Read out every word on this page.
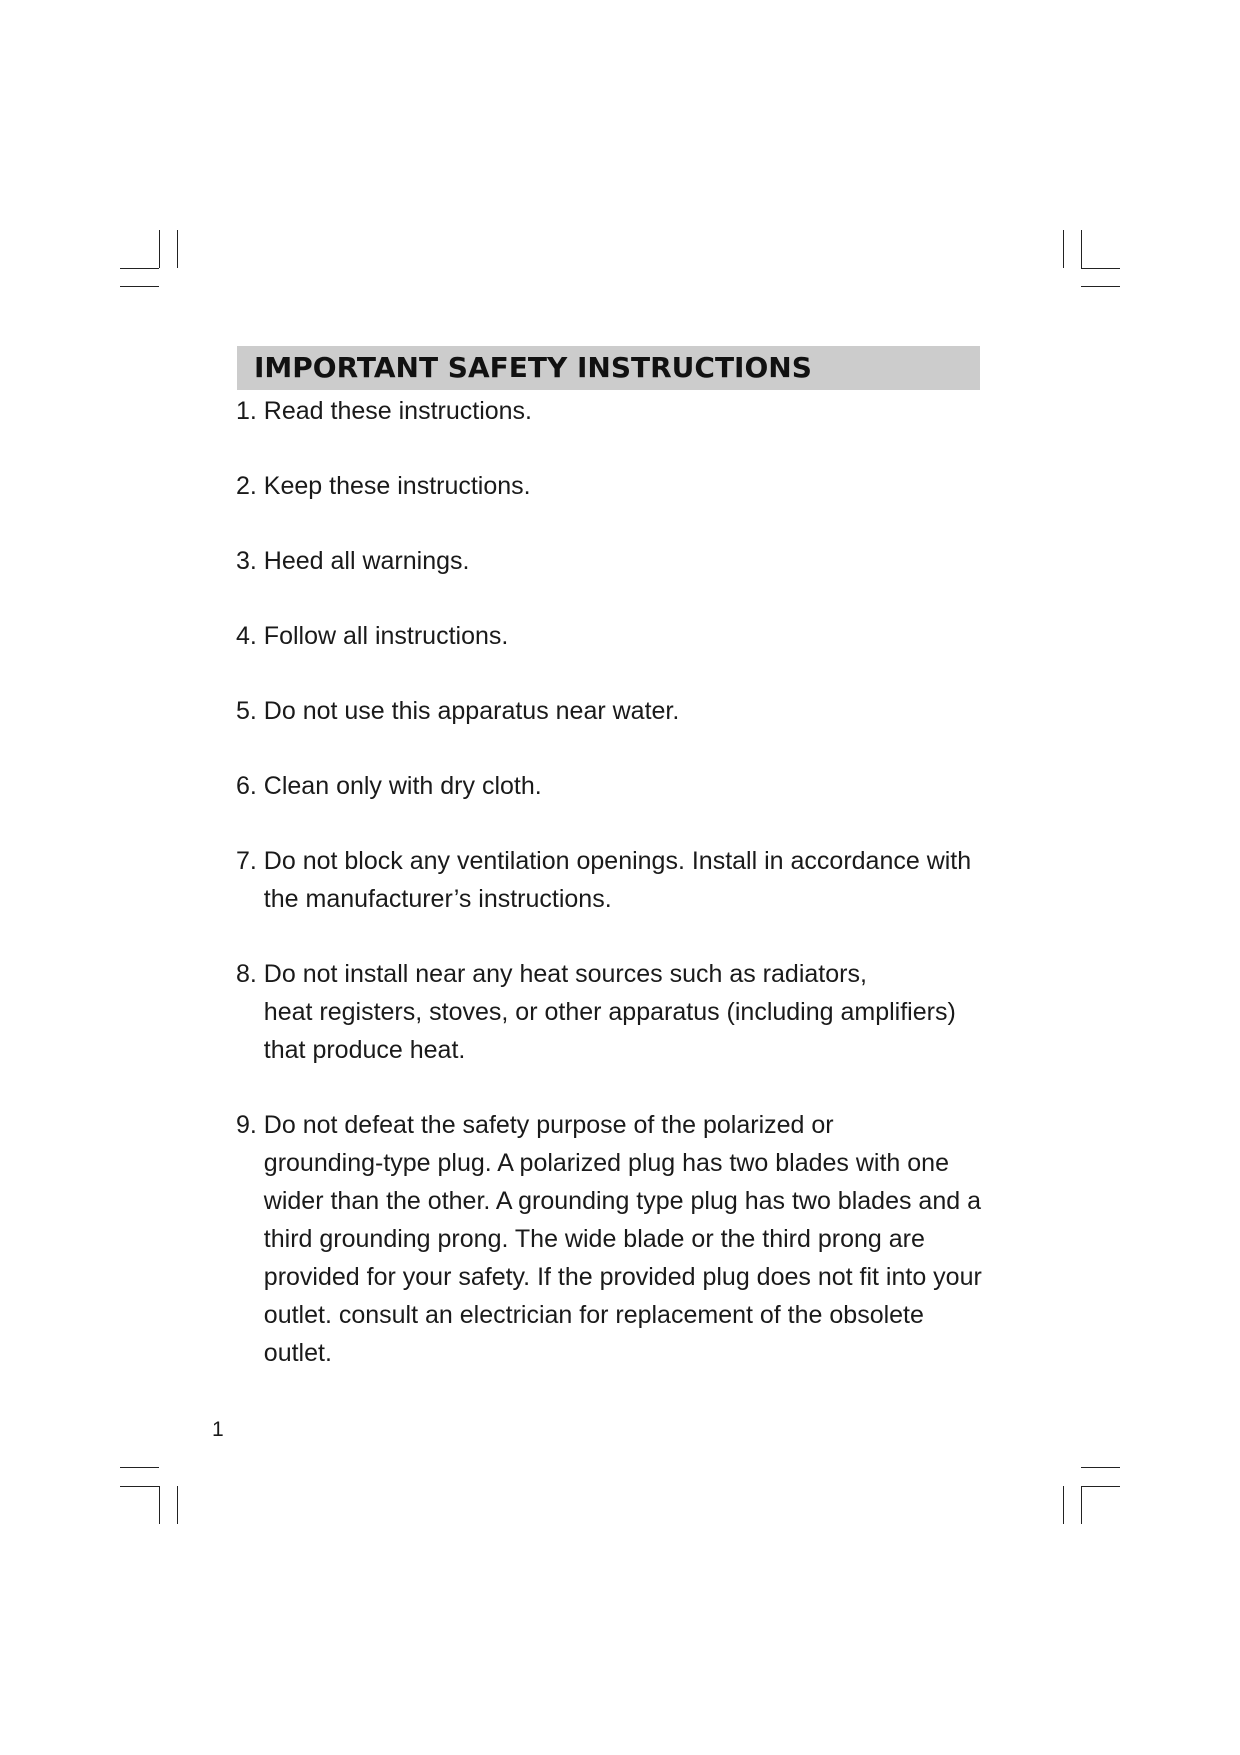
IMPORTANT SAFETY INSTRUCTIONS
1. Read these instructions.
2. Keep these instructions.
3. Heed all warnings.
4. Follow all instructions.
5. Do not use this apparatus near water.
6. Clean only with dry cloth.
7. Do not block any ventilation openings. Install in accordance with
the manufacturer’s instructions.
8. Do not install near any heat sources such as radiators,
heat registers, stoves, or other apparatus (including amplifiers)
that produce heat.
9. Do not defeat the safety purpose of the polarized or
grounding-type plug. A polarized plug has two blades with one
wider than the other. A grounding type plug has two blades and a
third grounding prong. The wide blade or the third prong are
provided for your safety. If the provided plug does not fit into your
outlet. consult an electrician for replacement of the obsolete outlet.
1
